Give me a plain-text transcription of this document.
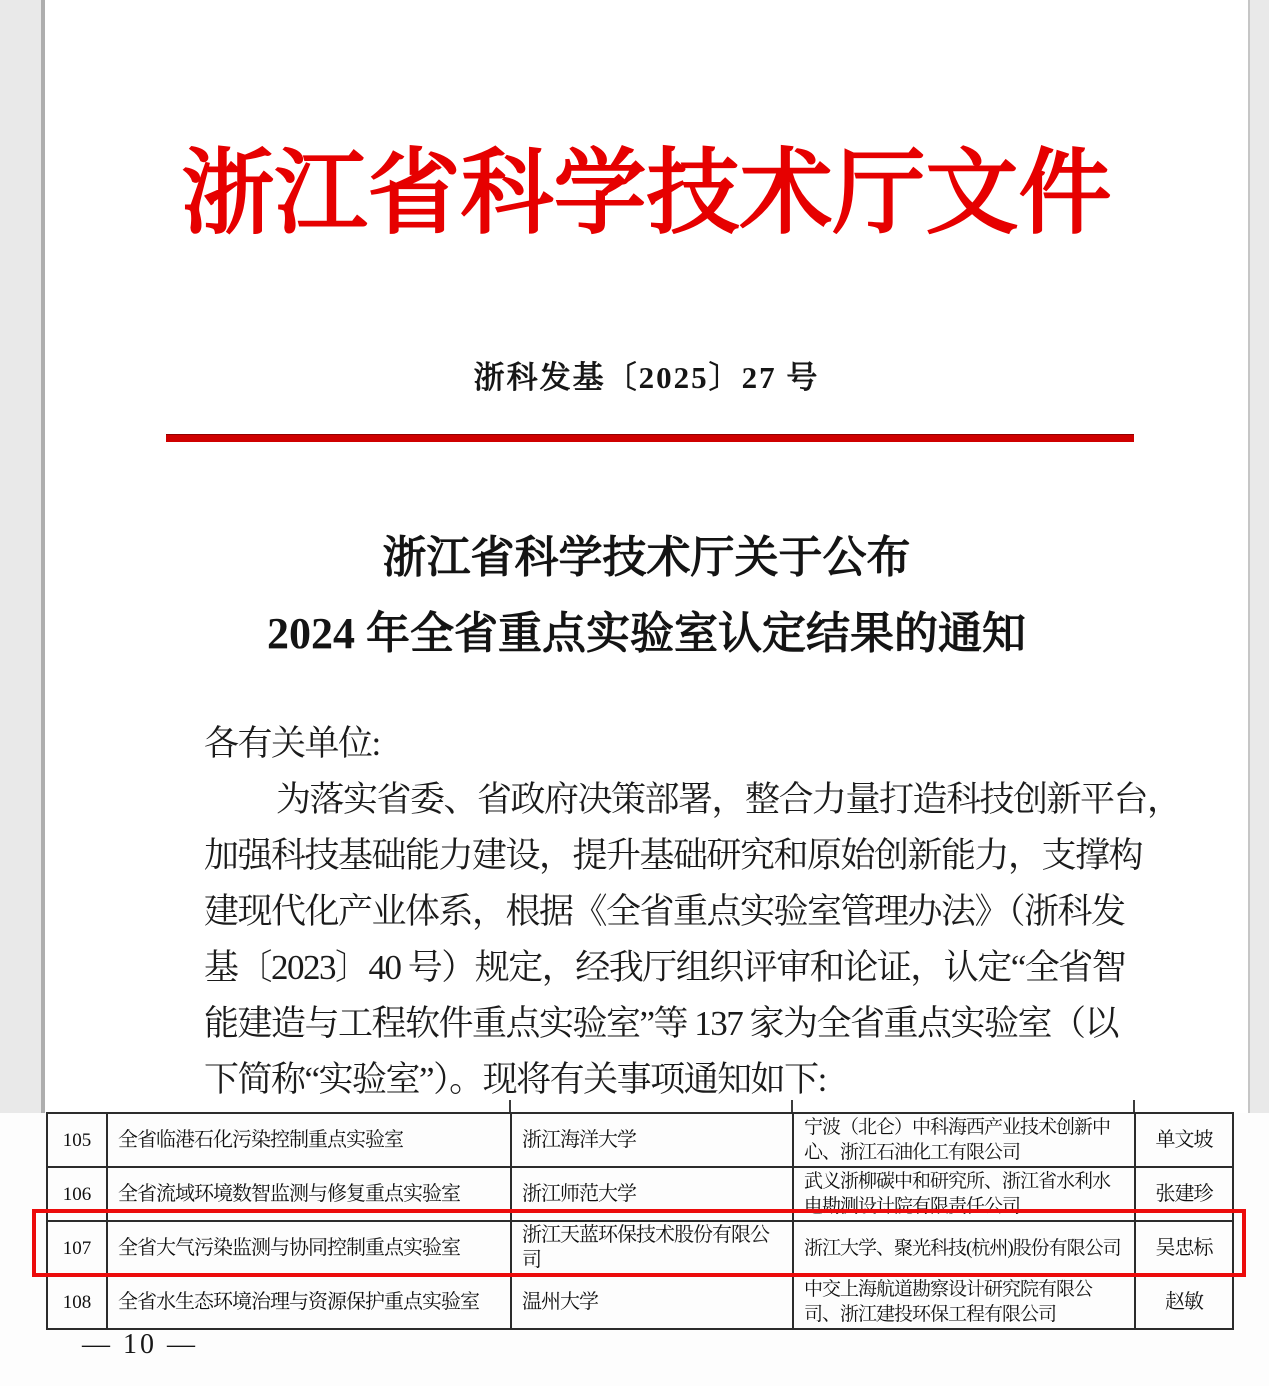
浙江省科学技术厅文件
浙科发基〔2025〕27 号
浙江省科学技术厅关于公布
2024 年全省重点实验室认定结果的通知

各有关单位:

为落实省委、省政府决策部署，整合力量打造科技创新平台，

加强科技基础能力建设，提升基础研究和原始创新能力，支撑构

建现代化产业体系，根据《全省重点实验室管理办法》（浙科发

基〔2023〕40 号）规定，经我厅组织评审和论证，认定“全省智

能建造与工程软件重点实验室”等 137 家为全省重点实验室（以

下简称“实验室”）。现将有关事项通知如下:

105	全省临港石化污染控制重点实验室	浙江海洋大学	宁波（北仑）中科海西产业技术创新中心、浙江石油化工有限公司	单文坡
106	全省流域环境数智监测与修复重点实验室	浙江师范大学	武义浙柳碳中和研究所、浙江省水利水电勘测设计院有限责任公司	张建珍
107	全省大气污染监测与协同控制重点实验室	浙江天蓝环保技术股份有限公司	浙江大学、聚光科技(杭州)股份有限公司	吴忠标
108	全省水生态环境治理与资源保护重点实验室	温州大学	中交上海航道勘察设计研究院有限公司、浙江建投环保工程有限公司	赵敏
— 10 —
